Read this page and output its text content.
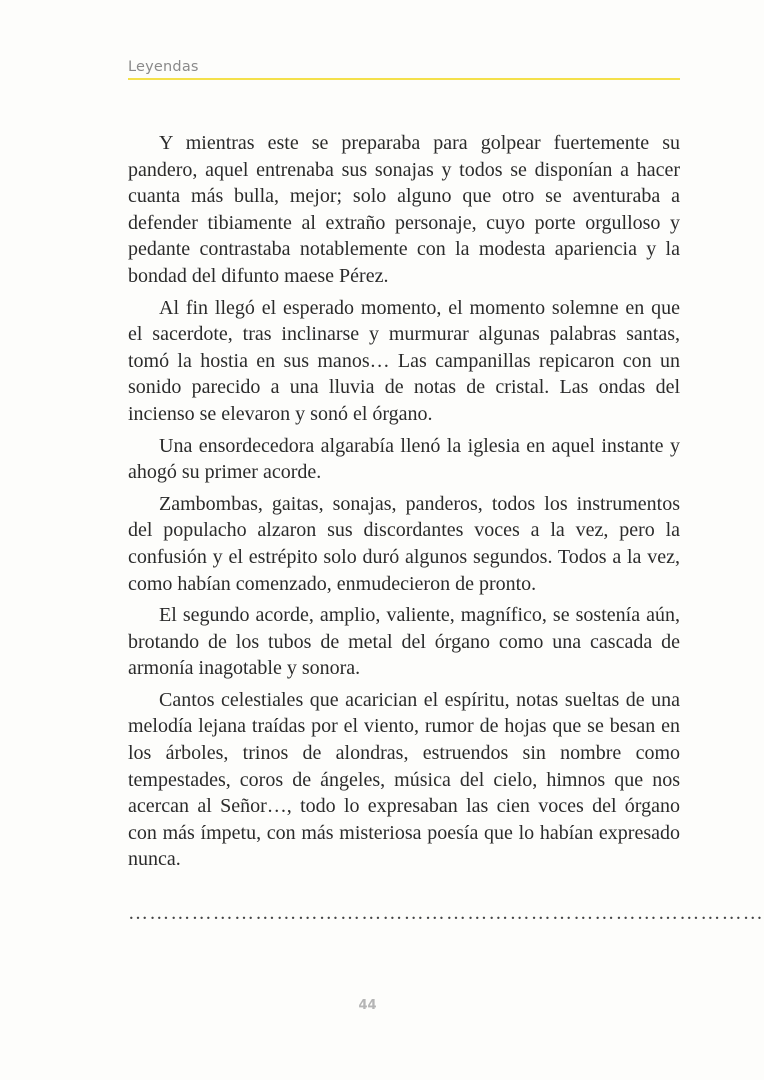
Leyendas

Y mientras este se preparaba para golpear fuertemente su pandero, aquel entrenaba sus sonajas y todos se disponían a hacer cuanta más bulla, mejor; solo alguno que otro se aventuraba a defender tibiamente al extraño personaje, cuyo porte orgulloso y pedante contrastaba notablemente con la modesta apariencia y la bondad del difunto maese Pérez.

Al fin llegó el esperado momento, el momento solemne en que el sacerdote, tras inclinarse y murmurar algunas palabras santas, tomó la hostia en sus manos… Las campanillas repicaron con un sonido parecido a una lluvia de notas de cristal. Las ondas del incienso se elevaron y sonó el órgano.

Una ensordecedora algarabía llenó la iglesia en aquel instante y ahogó su primer acorde.

Zambombas, gaitas, sonajas, panderos, todos los instrumentos del populacho alzaron sus discordantes voces a la vez, pero la confusión y el estrépito solo duró algunos segundos. Todos a la vez, como habían comenzado, enmudecieron de pronto.

El segundo acorde, amplio, valiente, magnífico, se sostenía aún, brotando de los tubos de metal del órgano como una cascada de armonía inagotable y sonora.

Cantos celestiales que acarician el espíritu, notas sueltas de una melodía lejana traídas por el viento, rumor de hojas que se besan en los árboles, trinos de alondras, estruendos sin nombre como tempestades, coros de ángeles, música del cielo, himnos que nos acercan al Señor…, todo lo expresaban las cien voces del órgano con más ímpetu, con más misteriosa poesía que lo habían expresado nunca.

………………………………………………………………………………
44
